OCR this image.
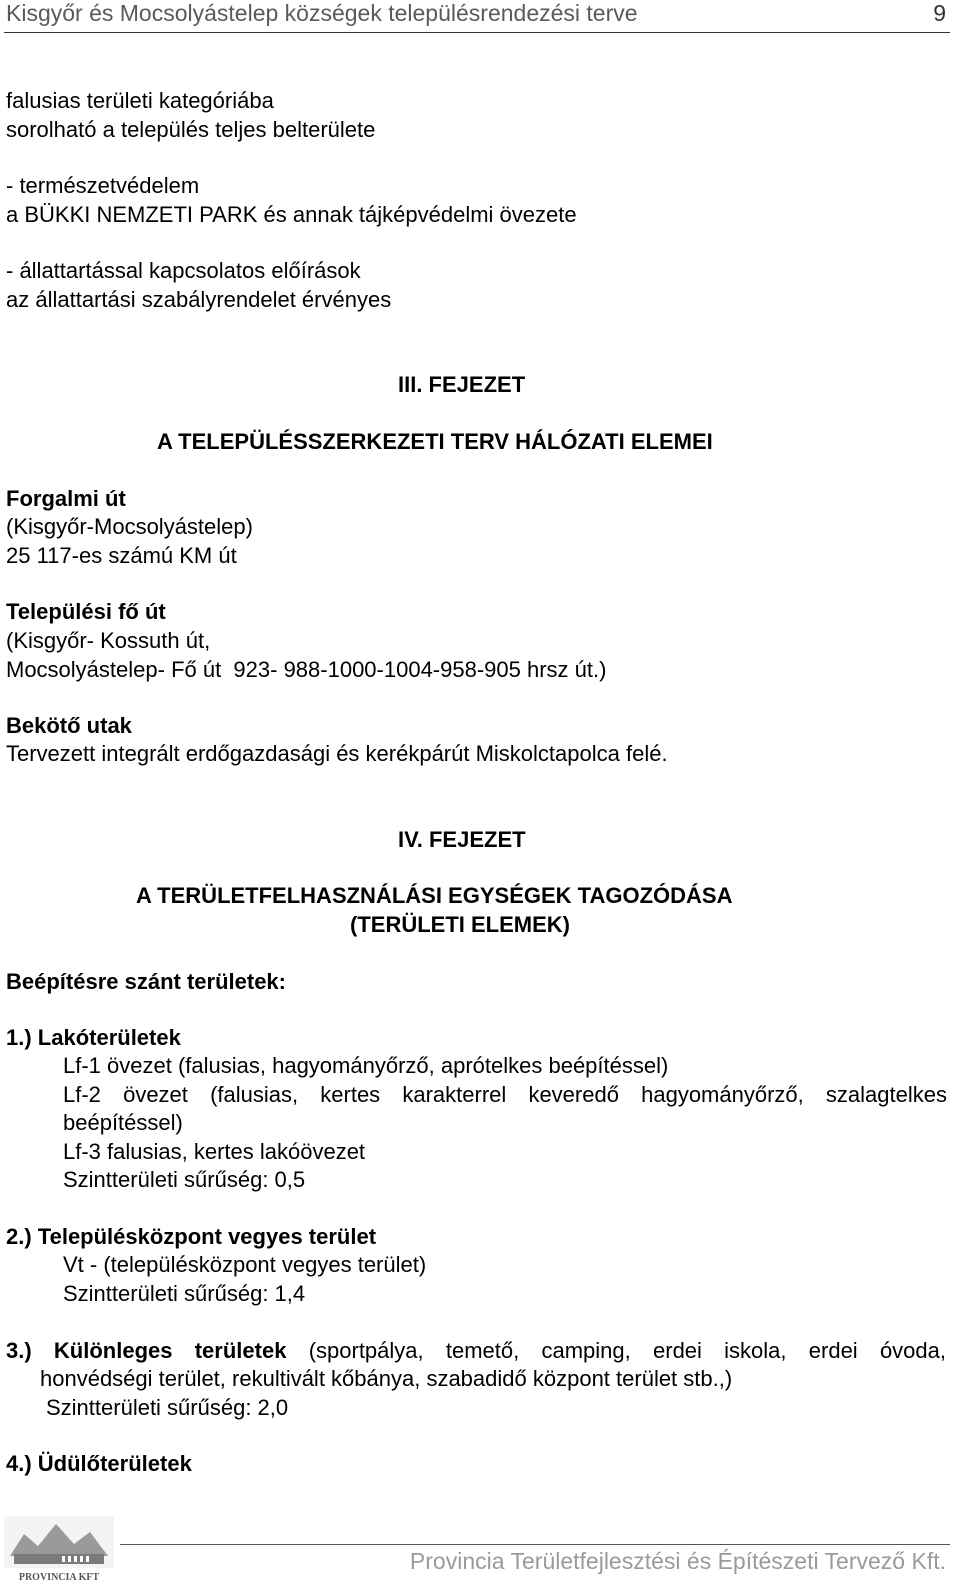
Kisgyőr és Mocsolyástelep községek településrendezési terve	9
falusias területi kategóriába
sorolható a település teljes belterülete
- természetvédelem
a BÜKKI NEMZETI PARK és annak tájképvédelmi övezete
- állattartással kapcsolatos előírások
az állattartási szabályrendelet érvényes
III. FEJEZET
A TELEPÜLÉSSZERKEZETI TERV HÁLÓZATI ELEMEI
Forgalmi út
(Kisgyőr-Mocsolyástelep)
25 117-es számú KM út
Települési fő út
(Kisgyőr- Kossuth út,
Mocsolyástelep- Fő út  923- 988-1000-1004-958-905 hrsz út.)
Bekötő utak
Tervezett integrált erdőgazdasági és kerékpárút Miskolctapolca felé.
IV. FEJEZET
A TERÜLETFELHASZNÁLÁSI EGYSÉGEK TAGOZÓDÁSA
(TERÜLETI ELEMEK)
Beépítésre szánt területek:
1.) Lakóterületek
Lf-1 övezet (falusias, hagyományőrző, aprótelkes beépítéssel)
Lf-2 övezet (falusias, kertes karakterrel keveredő hagyományőrző, szalagtelkes
beépítéssel)
Lf-3 falusias, kertes lakóövezet
Szintterületi sűrűség: 0,5
2.) Településközpont vegyes terület
Vt - (településközpont vegyes terület)
Szintterületi sűrűség: 1,4
3.) Különleges területek (sportpálya, temető, camping, erdei iskola, erdei óvoda,
honvédségi terület, rekultivált kőbánya, szabadidő központ terület stb.,)
Szintterületi sűrűség: 2,0
4.) Üdülőterületek
PROVINCIA KFT
Provincia Területfejlesztési és Építészeti Tervező Kft.
